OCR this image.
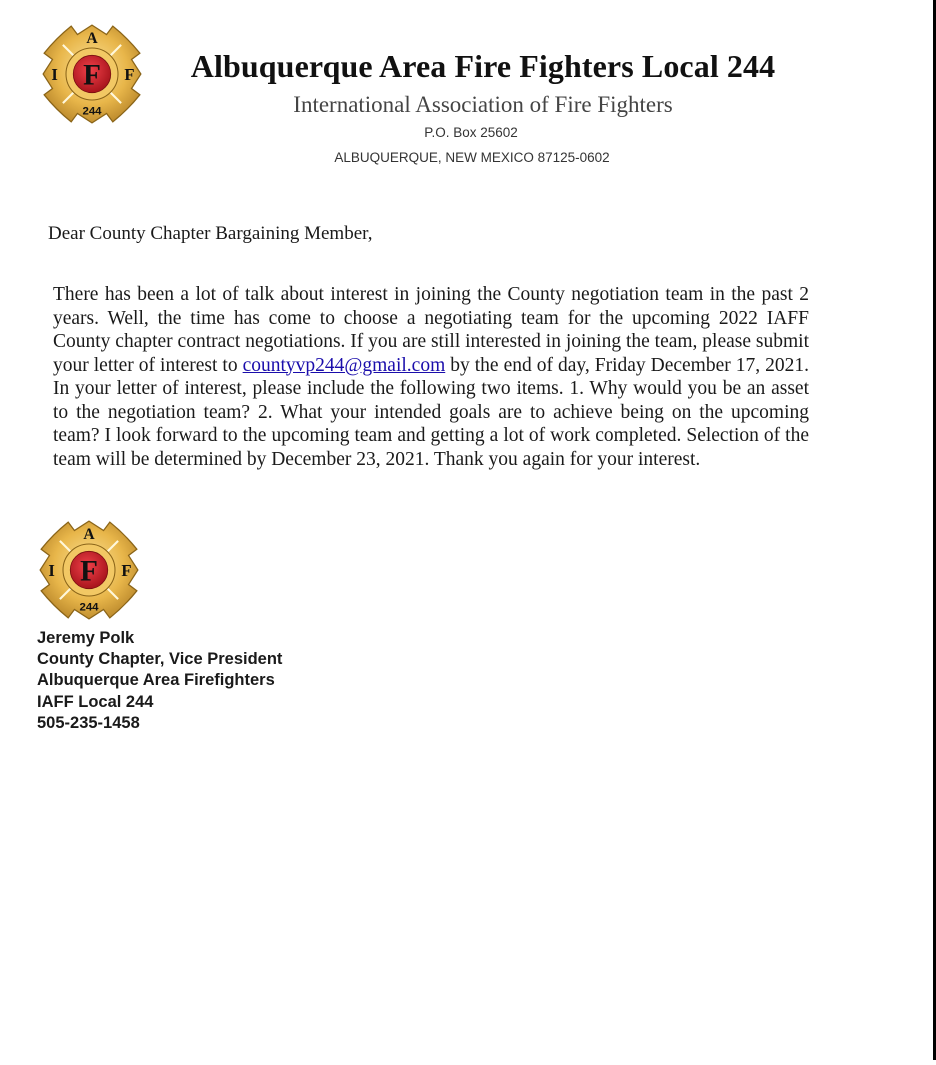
F
A
I	F
244
Albuquerque Area Fire Fighters Local 244
International Association of Fire Fighters
P.O. Box 25602
ALBUQUERQUE, NEW MEXICO 87125-0602
Dear County Chapter Bargaining Member,
There has been a lot of talk about interest in joining the County negotiation team in the past 2 years. Well, the time has come to choose a negotiating team for the upcoming 2022 IAFF County chapter contract negotiations. If you are still interested in joining the team, please submit your letter of interest to countyvp244@gmail.com by the end of day, Friday December 17, 2021. In your letter of interest, please include the following two items. 1. Why would you be an asset to the negotiation team? 2. What your intended goals are to achieve being on the upcoming team? I look forward to the upcoming team and getting a lot of work completed. Selection of the team will be determined by December 23, 2021. Thank you again for your interest.
F
A
I	F
244
Jeremy Polk
County Chapter, Vice President
Albuquerque Area Firefighters
IAFF Local 244
505-235-1458
